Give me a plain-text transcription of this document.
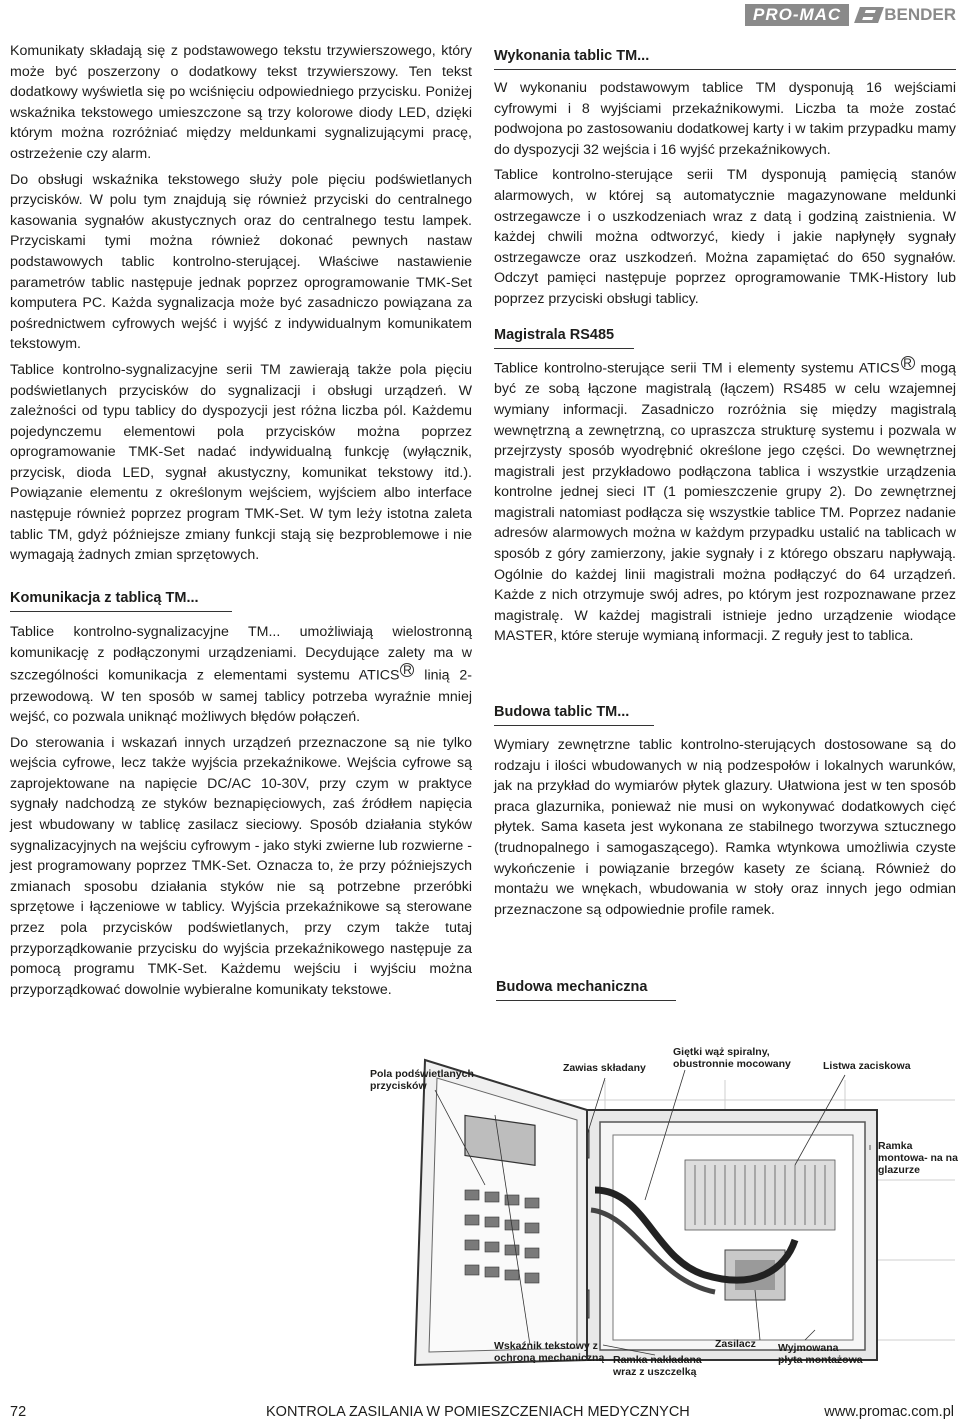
PRO-MAC	BENDER

Komunikaty składają się z podstawowego tekstu trzywierszowego, który może być poszerzony o dodatkowy tekst trzywierszowy. Ten tekst dodatkowy wyświetla się po wciśnięciu odpowiedniego przycisku. Poniżej wskaźnika tekstowego umieszczone są trzy kolorowe diody LED, dzięki którym można rozróżniać między meldunkami sygnalizującymi pracę, ostrzeżenie czy alarm.

Do obsługi wskaźnika tekstowego służy pole pięciu podświetlanych przycisków. W polu tym znajdują się również przyciski do centralnego kasowania sygnałów akustycznych oraz do centralnego testu lampek. Przyciskami tymi można również dokonać pewnych nastaw podstawowych tablic kontrolno-sterującej. Właściwe nastawienie parametrów tablic następuje jednak poprzez oprogramowanie TMK-Set komputera PC. Każda sygnalizacja może być zasadniczo powiązana za pośrednictwem cyfrowych wejść i wyjść z indywidualnym komunikatem tekstowym.

Tablice kontrolno-sygnalizacyjne serii TM zawierają także pola pięciu podświetlanych przycisków do sygnalizacji i obsługi urządzeń. W zależności od typu tablicy do dyspozycji jest różna liczba pól. Każdemu pojedynczemu elementowi pola przycisków można poprzez oprogramowanie TMK-Set nadać indywidualną funkcję (wyłącznik, przycisk, dioda LED, sygnał akustyczny, komunikat tekstowy itd.). Powiązanie elementu z określonym wejściem, wyjściem albo interface następuje również poprzez program TMK-Set. W tym leży istotna zaleta tablic TM, gdyż późniejsze zmiany funkcji stają się bezproblemowe i nie wymagają żadnych zmian sprzętowych.

Komunikacja z tablicą TM...

Tablice kontrolno-sygnalizacyjne TM... umożliwiają wielostronną komunikację z podłączonymi urządzeniami. Decydujące zalety ma w szczególności komunikacja z elementami systemu ATICS R linią 2-przewodową. W ten sposób w samej tablicy potrzeba wyraźnie mniej wejść, co pozwala uniknąć możliwych błędów połączeń.

Do sterowania i wskazań innych urządzeń przeznaczone są nie tylko wejścia cyfrowe, lecz także wyjścia przekaźnikowe. Wejścia cyfrowe są zaprojektowane na napięcie DC/AC 10-30V, przy czym w praktyce sygnały nadchodzą ze styków beznapięciowych, zaś źródłem napięcia jest wbudowany w tablicę zasilacz sieciowy. Sposób działania styków sygnalizacyjnych na wejściu cyfrowym - jako styki zwierne lub rozwierne - jest programowany poprzez TMK-Set. Oznacza to, że przy późniejszych zmianach sposobu działania styków nie są potrzebne przeróbki sprzętowe i łączeniowe w tablicy. Wyjścia przekaźnikowe są sterowane przez pola przycisków podświetlanych, przy czym także tutaj przyporządkowanie przycisku do wyjścia przekaźnikowego następuje za pomocą programu TMK-Set. Każdemu wejściu i wyjściu można przyporządkować dowolnie wybieralne komunikaty tekstowe.

Wykonania tablic TM...

W wykonaniu podstawowym tablice TM dysponują 16 wejściami cyfrowymi i 8 wyjściami przekaźnikowymi. Liczba ta może zostać podwojona po zastosowaniu dodatkowej karty i w takim przypadku mamy do dyspozycji 32 wejścia i 16 wyjść przekaźnikowych.

Tablice kontrolno-sterujące serii TM dysponują pamięcią stanów alarmowych, w której są automatycznie magazynowane meldunki ostrzegawcze i o uszkodzeniach wraz z datą i godziną zaistnienia. W każdej chwili można odtworzyć, kiedy i jakie napłynęły sygnały ostrzegawcze oraz uszkodzeń. Można zapamiętać do 650 sygnałów. Odczyt pamięci następuje poprzez oprogramowanie TMK-History lub poprzez przyciski obsługi tablicy.

Magistrala RS485

Tablice kontrolno-sterujące serii TM i elementy systemu ATICS R mogą być ze sobą łączone magistralą (łączem) RS485 w celu wzajemnej wymiany informacji. Zasadniczo rozróżnia się między magistralą wewnętrzną a zewnętrzną, co upraszcza strukturę systemu i pozwala w przejrzysty sposób wyodrębnić określone jego części. Do wewnętrznej magistrali jest przykładowo podłączona tablica i wszystkie urządzenia kontrolne jednej sieci IT (1 pomieszczenie grupy 2). Do zewnętrznej magistrali natomiast podłącza się wszystkie tablice TM. Poprzez nadanie adresów alarmowych można w każdym przypadku ustalić na tablicach w sposób z góry zamierzony, jakie sygnały i z którego obszaru napływają. Ogólnie do każdej linii magistrali można podłączyć do 64 urządzeń. Każde z nich otrzymuje swój adres, po którym jest rozpoznawane przez magistralę. W każdej magistrali istnieje jedno urządzenie wiodące MASTER, które steruje wymianą informacji. Z reguły jest to tablica.

Budowa tablic TM...

Wymiary zewnętrzne tablic kontrolno-sterujących dostosowane są do rodzaju i ilości wbudowanych w nią podzespołów i lokalnych warunków, jak na przykład do wymiarów płytek glazury. Ułatwiona jest w ten sposób praca glazurnika, ponieważ nie musi on wykonywać dodatkowych cięć płytek. Sama kaseta jest wykonana ze stabilnego tworzywa sztucznego (trudnopalnego i samogaszącego). Ramka wtynkowa umożliwia czyste wykończenie i powiązanie brzegów kasety ze ścianą. Również do montażu we wnękach, wbudowania w stoły oraz innych jego odmian przeznaczone są odpowiednie profile ramek.

Budowa mechaniczna
Pola podświetlanych przycisków
Zawias składany
Giętki wąż spiralny, obustronnie mocowany	Listwa zaciskowa
Ramka montowa- na na glazurze
Wskaźnik tekstowy z ochroną mechaniczną
Zasilacz	Wyjmowana płyta montażowa
Ramka nakładana wraz z uszczelką
72	KONTROLA ZASILANIA W POMIESZCZENIACH MEDYCZNYCH	www.promac.com.pl
